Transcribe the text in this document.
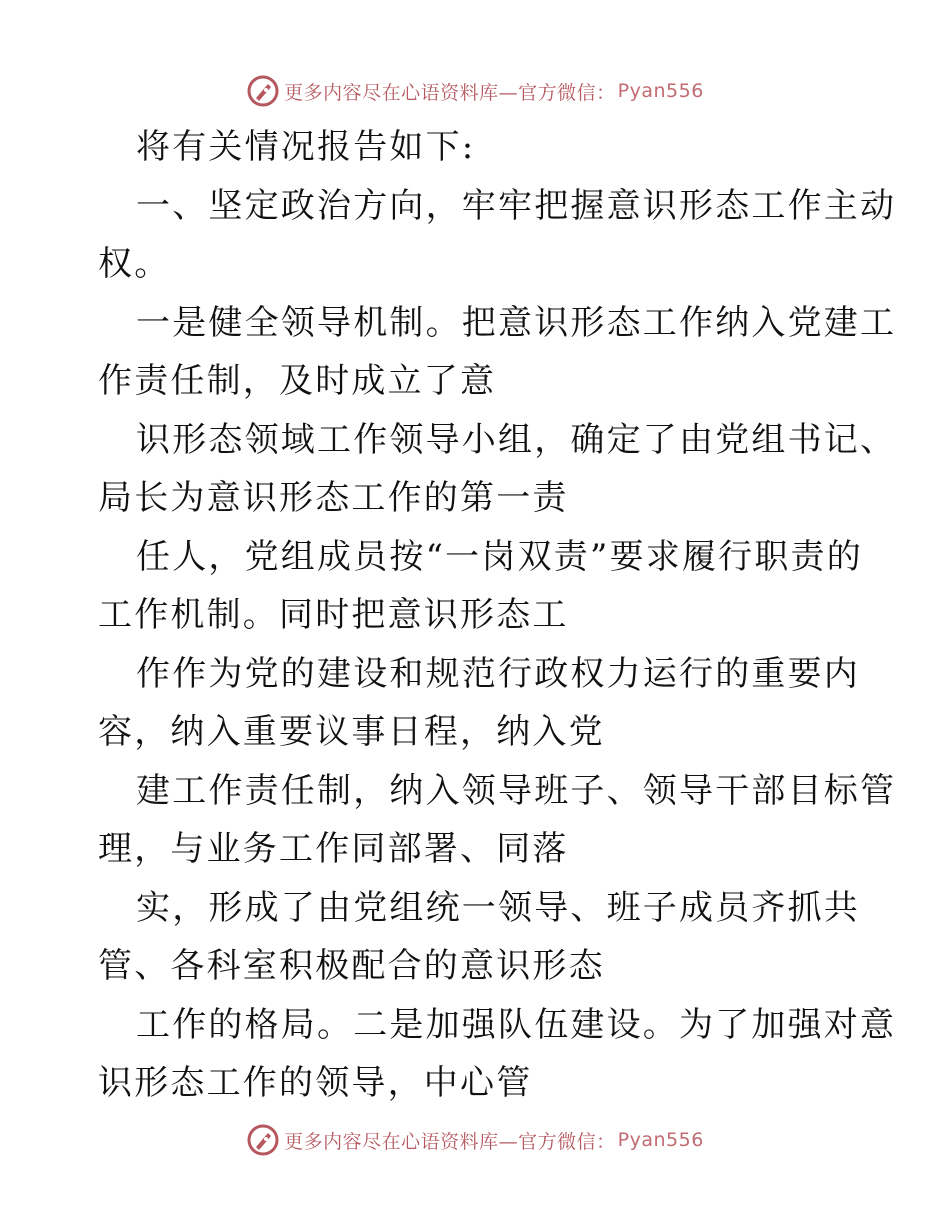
更多内容尽在心语资料库—官方微信： Pyan556
将有关情况报告如下:
一、坚定政治方向，牢牢把握意识形态工作主动
权。
一是健全领导机制。把意识形态工作纳入党建工
作责任制，及时成立了意
识形态领域工作领导小组，确定了由党组书记、
局长为意识形态工作的第一责
任人，党组成员按“一岗双责”要求履行职责的
工作机制。同时把意识形态工
作作为党的建设和规范行政权力运行的重要内
容，纳入重要议事日程，纳入党
建工作责任制，纳入领导班子、领导干部目标管
理，与业务工作同部署、同落
实，形成了由党组统一领导、班子成员齐抓共
管、各科室积极配合的意识形态
工作的格局。二是加强队伍建设。为了加强对意
识形态工作的领导，中心管
更多内容尽在心语资料库—官方微信： Pyan556
